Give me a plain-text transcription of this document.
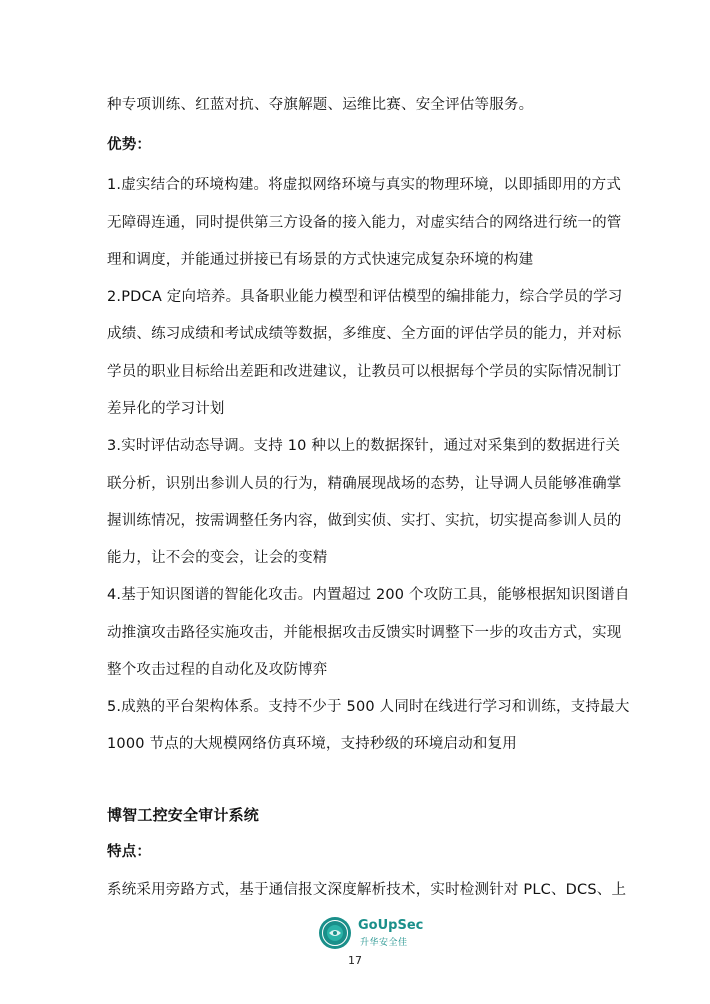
种专项训练、红蓝对抗、夺旗解题、运维比赛、安全评估等服务。
优势：
1.虚实结合的环境构建。将虚拟网络环境与真实的物理环境，以即插即用的方式
无障碍连通，同时提供第三方设备的接入能力，对虚实结合的网络进行统一的管
理和调度，并能通过拼接已有场景的方式快速完成复杂环境的构建
2.PDCA 定向培养。具备职业能力模型和评估模型的编排能力，综合学员的学习
成绩、练习成绩和考试成绩等数据，多维度、全方面的评估学员的能力，并对标
学员的职业目标给出差距和改进建议，让教员可以根据每个学员的实际情况制订
差异化的学习计划
3.实时评估动态导调。支持 10 种以上的数据探针，通过对采集到的数据进行关
联分析，识别出参训人员的行为，精确展现战场的态势，让导调人员能够准确掌
握训练情况，按需调整任务内容，做到实侦、实打、实抗，切实提高参训人员的
能力，让不会的变会，让会的变精
4.基于知识图谱的智能化攻击。内置超过 200 个攻防工具，能够根据知识图谱自
动推演攻击路径实施攻击，并能根据攻击反馈实时调整下一步的攻击方式，实现
整个攻击过程的自动化及攻防博弈
5.成熟的平台架构体系。支持不少于 500 人同时在线进行学习和训练，支持最大
1000 节点的大规模网络仿真环境，支持秒级的环境启动和复用
博智工控安全审计系统
特点：
系统采用旁路方式，基于通信报文深度解析技术，实时检测针对 PLC、DCS、上
GoUpSec
升华安全佳
17
